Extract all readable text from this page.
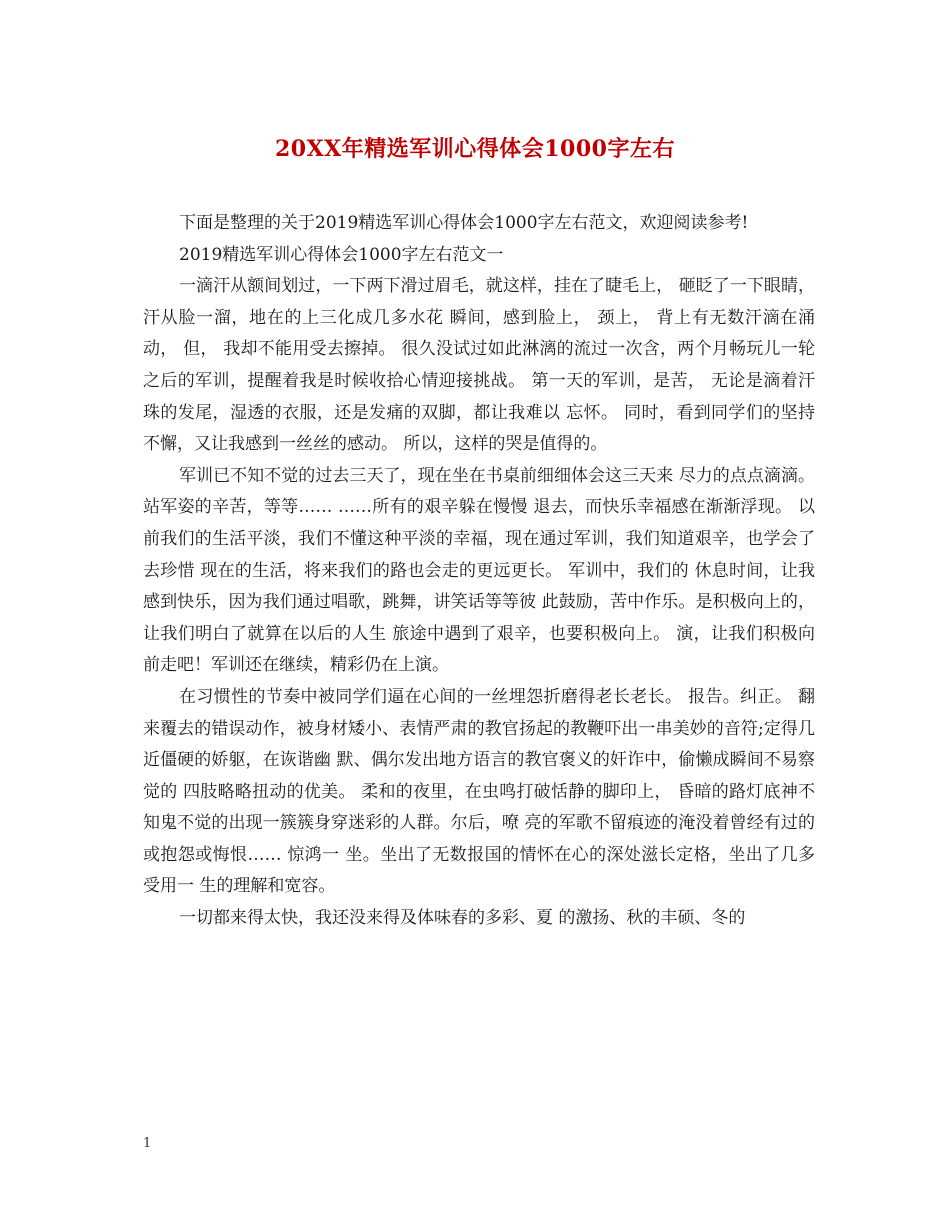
20XX年精选军训心得体会1000字左右

下面是整理的关于2019精选军训心得体会1000字左右范文，欢迎阅读参考!

2019精选军训心得体会1000字左右范文一

一滴汗从额间划过，一下两下滑过眉毛，就这样，挂在了睫毛上， 砸眨了一下眼睛，汗从脸一溜，地在的上三化成几多水花 瞬间，感到脸上， 颈上， 背上有无数汗滴在涌动， 但， 我却不能用受去擦掉。 很久没试过如此淋漓的流过一次含，两个月畅玩儿一轮之后的军训，提醒着我是时候收拾心情迎接挑战。 第一天的军训，是苦， 无论是滴着汗珠的发尾，湿透的衣服，还是发痛的双脚，都让我难以 忘怀。 同时，看到同学们的坚持不懈，又让我感到一丝丝的感动。 所以，这样的哭是值得的。

军训已不知不觉的过去三天了，现在坐在书桌前细细体会这三天来 尽力的点点滴滴。站军姿的辛苦，等等…… ……所有的艰辛躲在慢慢 退去，而快乐幸福感在渐渐浮现。 以前我们的生活平淡，我们不懂这种平淡的幸福，现在通过军训，我们知道艰辛，也学会了去珍惜 现在的生活，将来我们的路也会走的更远更长。 军训中，我们的 休息时间，让我感到快乐，因为我们通过唱歌，跳舞，讲笑话等等彼 此鼓励，苦中作乐。是积极向上的，让我们明白了就算在以后的人生 旅途中遇到了艰辛，也要积极向上。 演，让我们积极向前走吧！军训还在继续，精彩仍在上演。

在习惯性的节奏中被同学们逼在心间的一丝埋怨折磨得老长老长。 报告。纠正。 翻来覆去的错误动作，被身材矮小、表情严肃的教官扬起的教鞭吓出一串美妙的音符;定得几近僵硬的娇躯，在诙谐幽 默、偶尔发出地方语言的教官褒义的奸诈中，偷懒成瞬间不易察觉的 四肢略略扭动的优美。 柔和的夜里，在虫鸣打破恬静的脚印上， 昏暗的路灯底神不知鬼不觉的出现一簇簇身穿迷彩的人群。尔后，嘹 亮的军歌不留痕迹的淹没着曾经有过的或抱怨或悔恨…… 惊鸿一 坐。坐出了无数报国的情怀在心的深处滋长定格，坐出了几多受用一 生的理解和宽容。

一切都来得太快，我还没来得及体味春的多彩、夏 的激扬、秋的丰硕、冬的

1
